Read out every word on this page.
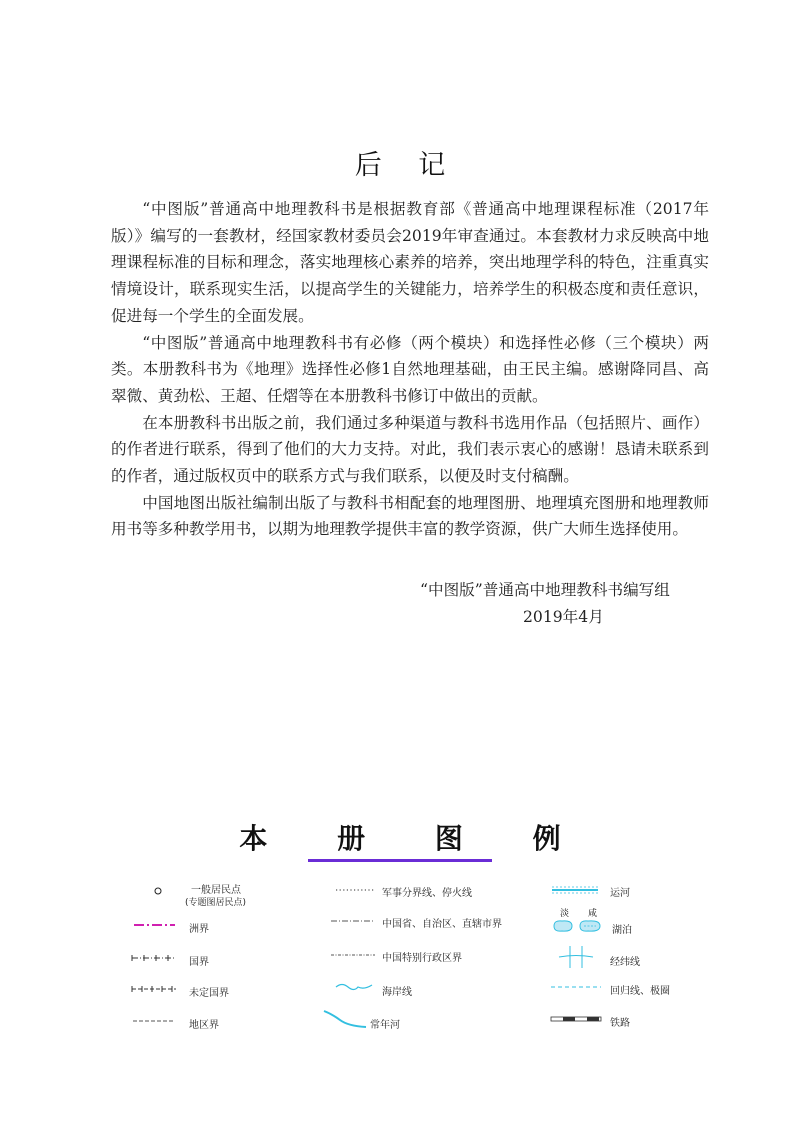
后 记

“中图版”普通高中地理教科书是根据教育部《普通高中地理课程标准（2017年版）》编写的一套教材，经国家教材委员会2019年审查通过。本套教材力求反映高中地理课程标准的目标和理念，落实地理核心素养的培养，突出地理学科的特色，注重真实情境设计，联系现实生活，以提高学生的关键能力，培养学生的积极态度和责任意识，促进每一个学生的全面发展。

“中图版”普通高中地理教科书有必修（两个模块）和选择性必修（三个模块）两类。本册教科书为《地理》选择性必修1自然地理基础，由王民主编。感谢降同昌、高翠微、黄劲松、王超、任熠等在本册教科书修订中做出的贡献。

在本册教科书出版之前，我们通过多种渠道与教科书选用作品（包括照片、画作）的作者进行联系，得到了他们的大力支持。对此，我们表示衷心的感谢！恳请未联系到的作者，通过版权页中的联系方式与我们联系，以便及时支付稿酬。

中国地图出版社编制出版了与教科书相配套的地理图册、地理填充图册和地理教师用书等多种教学用书，以期为地理教学提供丰富的教学资源，供广大师生选择使用。

“中图版”普通高中地理教科书编写组
2019年4月
本 册 图 例
一般居民点
(专题图居民点)
洲界
国界
未定国界
地区界
军事分界线、停火线
中国省、自治区、直辖市界
中国特别行政区界
海岸线
常年河
运河
淡 咸
湖泊
经纬线
回归线、极圈
铁路
